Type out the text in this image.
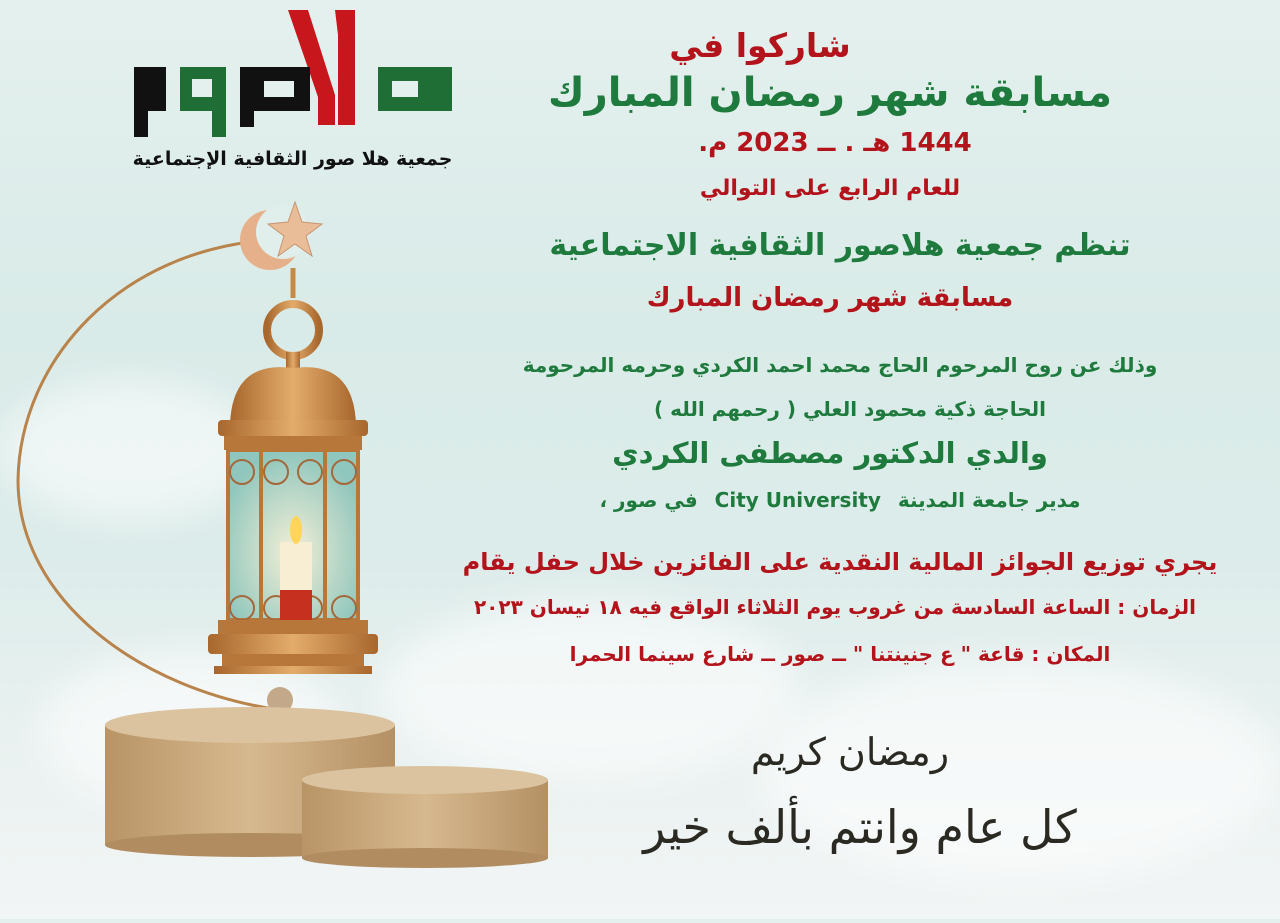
جمعية هلا صور الثقافية الإجتماعية
شاركوا في
مسابقة شهر رمضان المبارك
1444 هـ . ــ 2023 م.
للعام الرابع على التوالي
تنظم جمعية هلاصور الثقافية الاجتماعية
مسابقة شهر رمضان المبارك
وذلك عن روح المرحوم الحاج محمد احمد الكردي وحرمه المرحومة
الحاجة ذكية محمود العلي ( رحمهم الله )
والدي الدكتور مصطفى الكردي
مدير جامعة المدينة City University في صور ،
يجري توزيع الجوائز المالية النقدية على الفائزين خلال حفل يقام
الزمان : الساعة السادسة من غروب يوم الثلاثاء الواقع فيه ١٨ نيسان ٢٠٢٣
المكان : قاعة " ع جنينتنا " ــ صور ــ شارع سينما الحمرا
رمضان كريم
كل عام وانتم بألف خير
